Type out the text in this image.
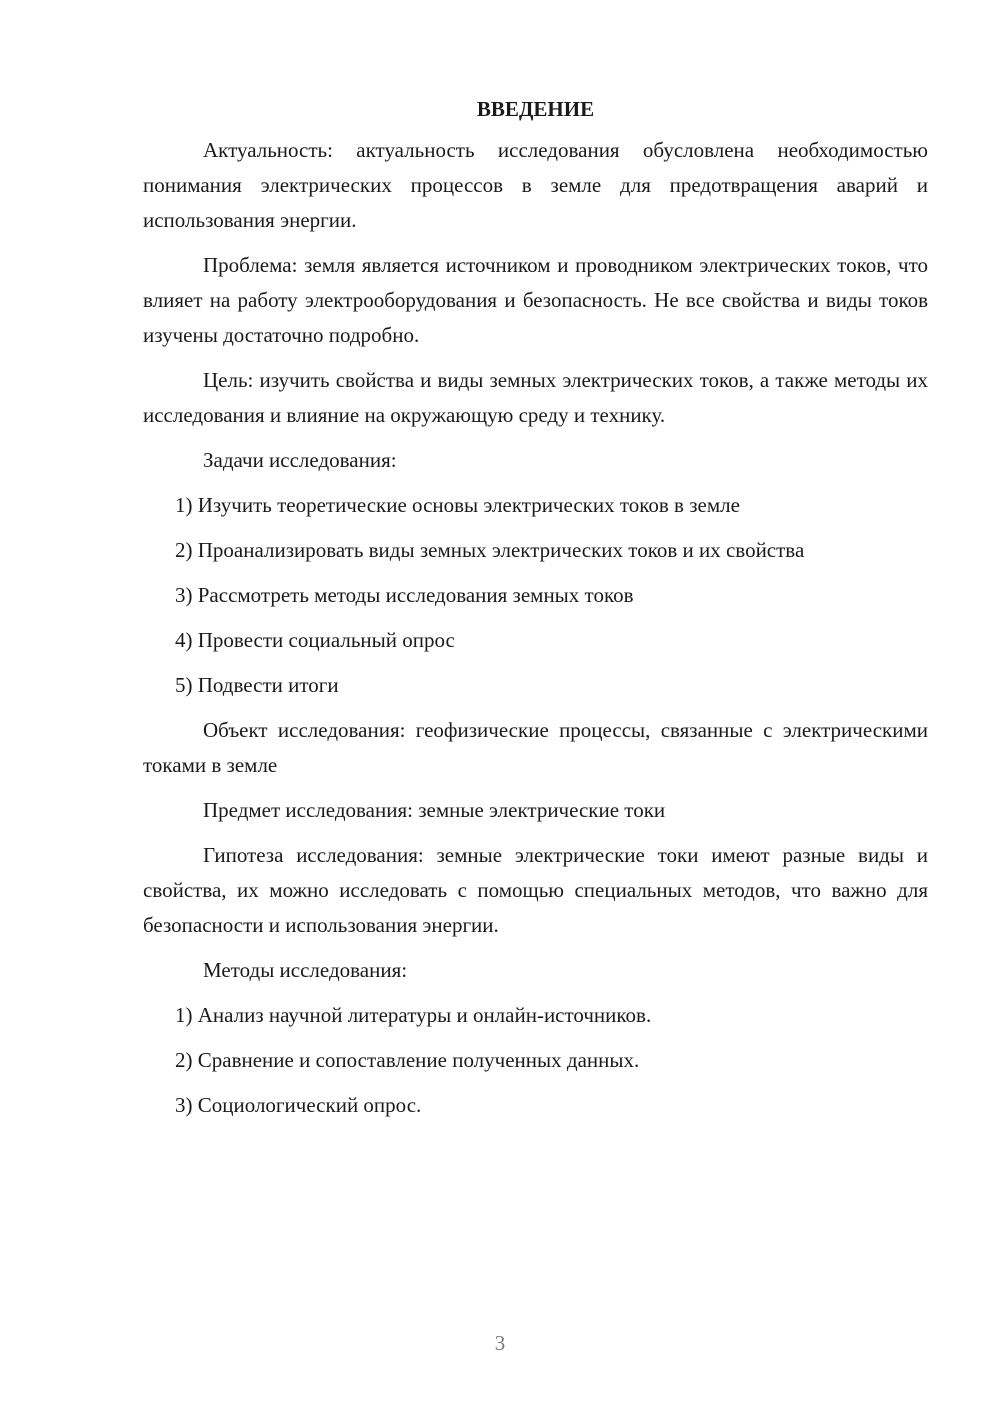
ВВЕДЕНИЕ

Актуальность: актуальность исследования обусловлена необходимостью понимания электрических процессов в земле для предотвращения аварий и использования энергии.

Проблема: земля является источником и проводником электрических токов, что влияет на работу электрооборудования и безопасность. Не все свойства и виды токов изучены достаточно подробно.

Цель: изучить свойства и виды земных электрических токов, а также методы их исследования и влияние на окружающую среду и технику.

Задачи исследования:

1) Изучить теоретические основы электрических токов в земле
2) Проанализировать виды земных электрических токов и их свойства
3) Рассмотреть методы исследования земных токов
4) Провести социальный опрос
5) Подвести итоги

Объект исследования: геофизические процессы, связанные с электрическими токами в земле

Предмет исследования: земные электрические токи

Гипотеза исследования: земные электрические токи имеют разные виды и свойства, их можно исследовать с помощью специальных методов, что важно для безопасности и использования энергии.

Методы исследования:

1) Анализ научной литературы и онлайн-источников.
2) Сравнение и сопоставление полученных данных.
3) Социологический опрос.
3
